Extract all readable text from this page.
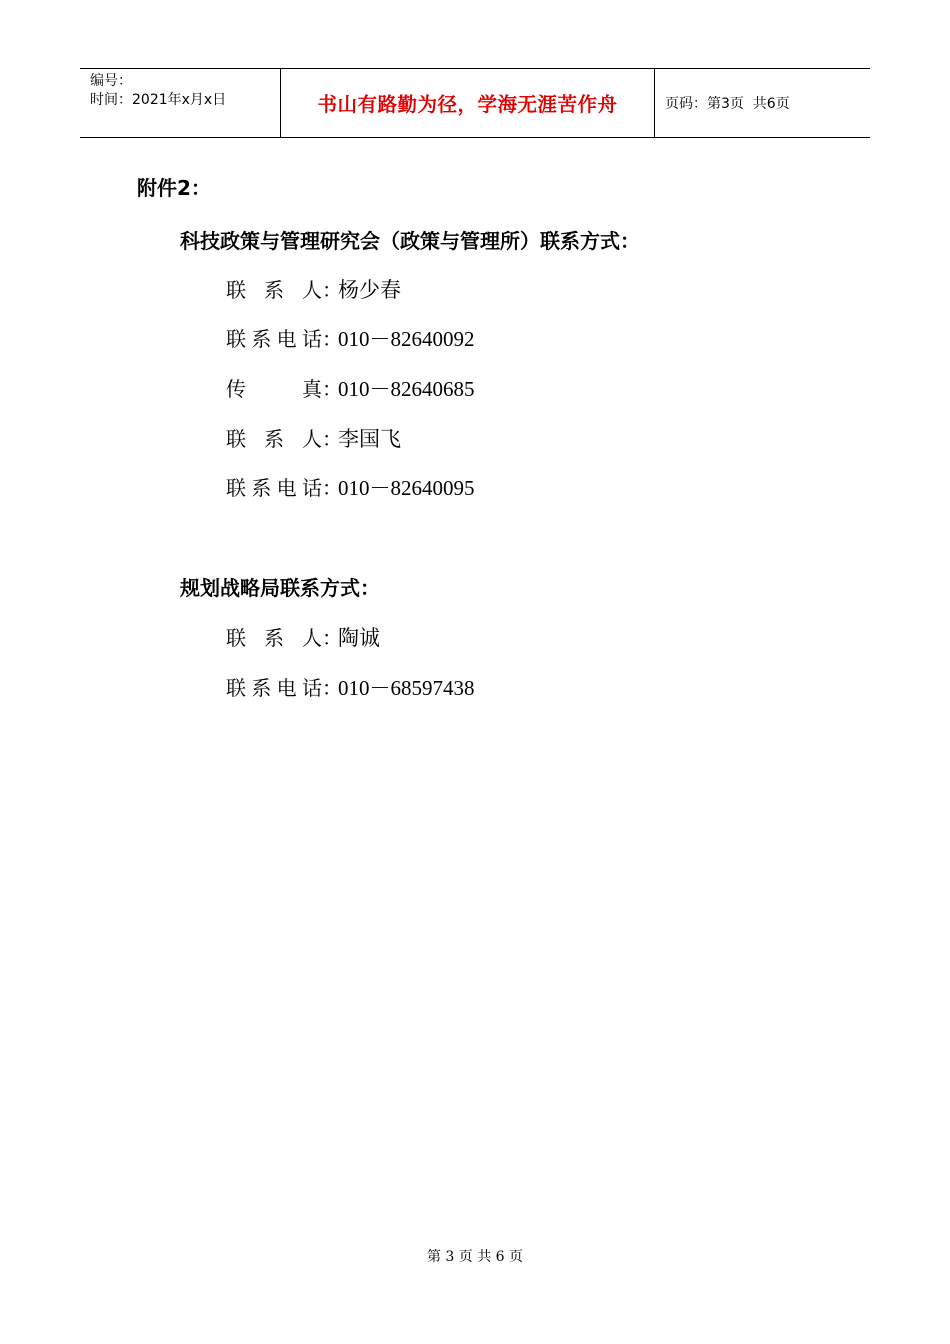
编号：
时间：2021年x月x日	书山有路勤为径，学海无涯苦作舟	页码：第3页  共6页
附件2：
科技政策与管理研究会（政策与管理所）联系方式：
联系人 ：
杨少春
联系电话 ：
010－82640092
传真 ：
010－82640685
联系人 ：
李国飞
联系电话 ：
010－82640095
规划战略局联系方式：
联系人 ：
陶诚
联系电话 ：
010－68597438
第 3 页 共 6 页
